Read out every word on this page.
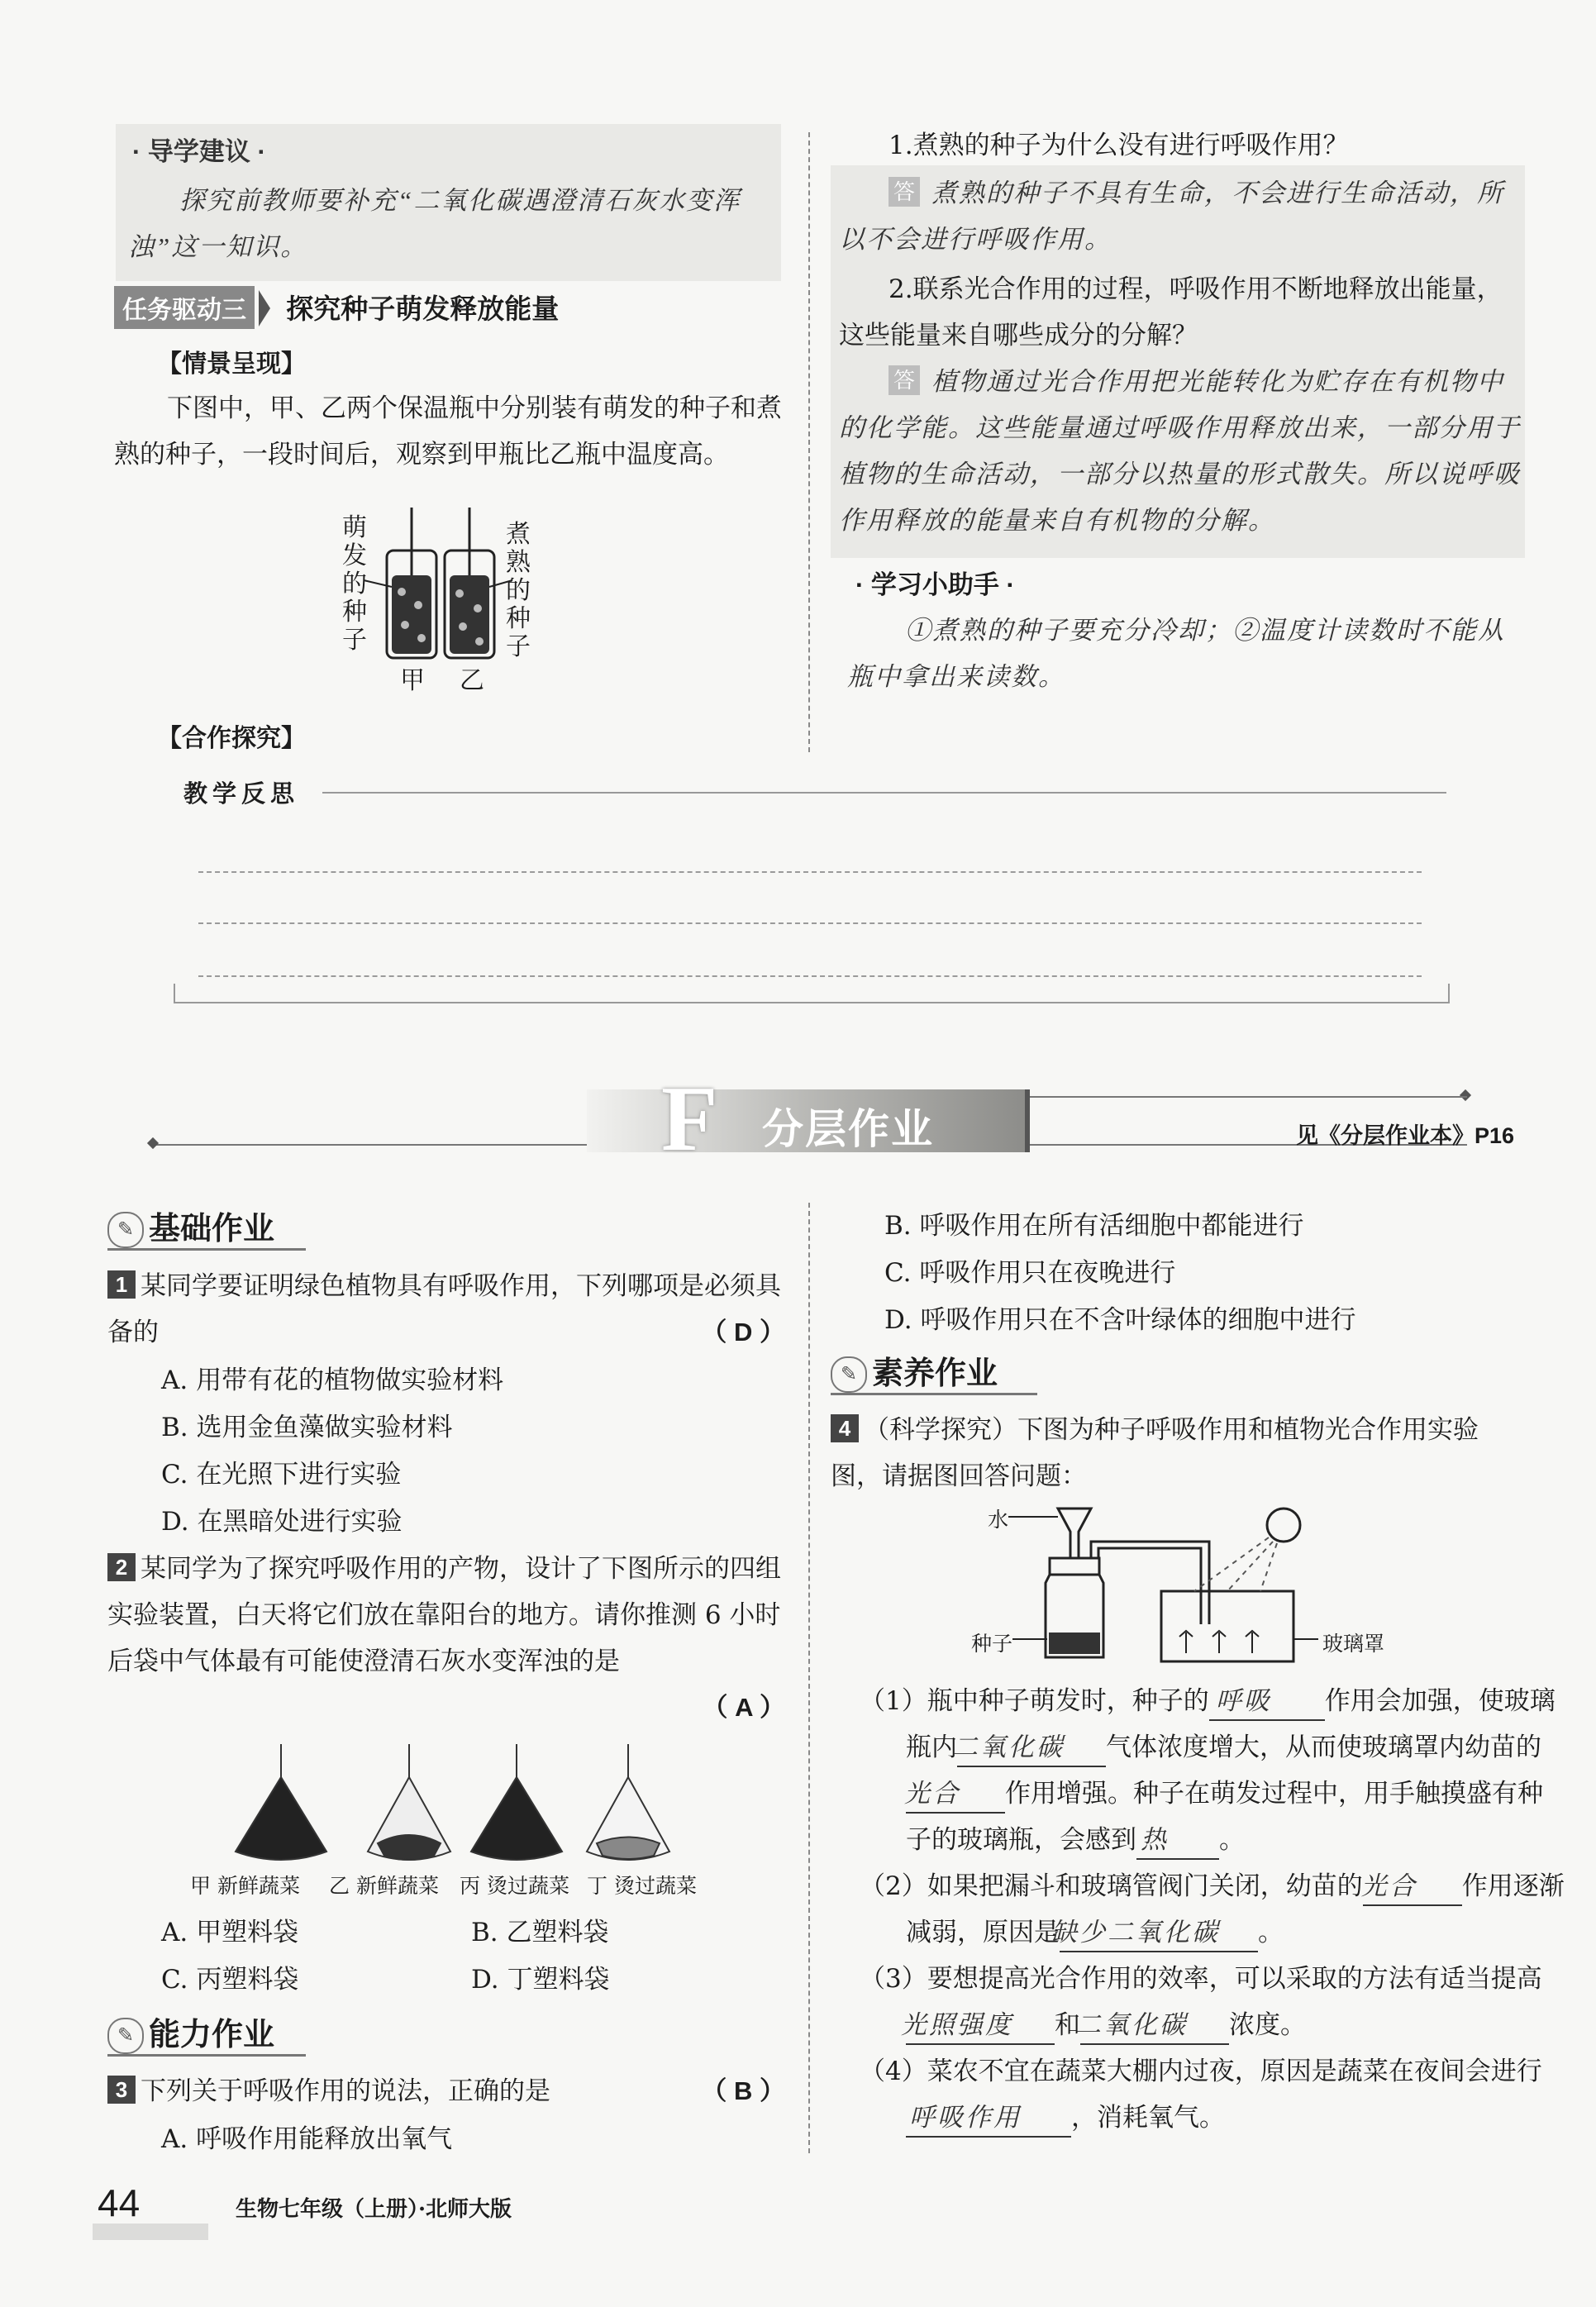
· 导学建议 ·
探究前教师要补充“二氧化碳遇澄清石灰水变浑浊”这一知识。
任务驱动三 探究种子萌发释放能量
【情景呈现】
下图中，甲、乙两个保温瓶中分别装有萌发的种子和煮熟的种子，一段时间后，观察到甲瓶比乙瓶中温度高。
萌发的种子
煮熟的种子
甲 乙
【合作探究】
1.煮熟的种子为什么没有进行呼吸作用？
答 煮熟的种子不具有生命，不会进行生命活动，所以不会进行呼吸作用。
2.联系光合作用的过程，呼吸作用不断地释放出能量，这些能量来自哪些成分的分解？
答 植物通过光合作用把光能转化为贮存在有机物中的化学能。这些能量通过呼吸作用释放出来，一部分用于植物的生命活动，一部分以热量的形式散失。所以说呼吸作用释放的能量来自有机物的分解。
· 学习小助手 ·
①煮熟的种子要充分冷却；②温度计读数时不能从瓶中拿出来读数。
教学反思
F 分层作业	见《分层作业本》P16
✎ 基础作业
1 某同学要证明绿色植物具有呼吸作用，下列哪项是必须具备的	（ D ）
A. 用带有花的植物做实验材料
B. 选用金鱼藻做实验材料
C. 在光照下进行实验
D. 在黑暗处进行实验
2 某同学为了探究呼吸作用的产物，设计了下图所示的四组实验装置，白天将它们放在靠阳台的地方。请你推测 6 小时后袋中气体最有可能使澄清石灰水变浑浊的是
（ A ）
甲 新鲜蔬菜 乙 新鲜蔬菜 丙 烫过蔬菜 丁 烫过蔬菜
A. 甲塑料袋	B. 乙塑料袋
C. 丙塑料袋	D. 丁塑料袋
✎ 能力作业
3 下列关于呼吸作用的说法，正确的是	（ B ）
A. 呼吸作用能释放出氧气
B. 呼吸作用在所有活细胞中都能进行
C. 呼吸作用只在夜晚进行
D. 呼吸作用只在不含叶绿体的细胞中进行
✎ 素养作业
4 （科学探究）下图为种子呼吸作用和植物光合作用实验图，请据图回答问题：
水
种子	玻璃罩
（1）瓶中种子萌发时，种子的 呼吸 作用会加强，使玻璃瓶内二氧化碳 气体浓度增大，从而使玻璃罩内幼苗的光合 作用增强。种子在萌发过程中，用手触摸盛有种子的玻璃瓶，会感到 热 。
（2）如果把漏斗和玻璃管阀门关闭，幼苗的光合 作用逐渐减弱，原因是缺少二氧化碳 。
（3）要想提高光合作用的效率，可以采取的方法有适当提高光照强度 和二氧化碳 浓度。
（4）菜农不宜在蔬菜大棚内过夜，原因是蔬菜在夜间会进行呼吸作用 ，消耗氧气。
44	生物七年级（上册）·北师大版
